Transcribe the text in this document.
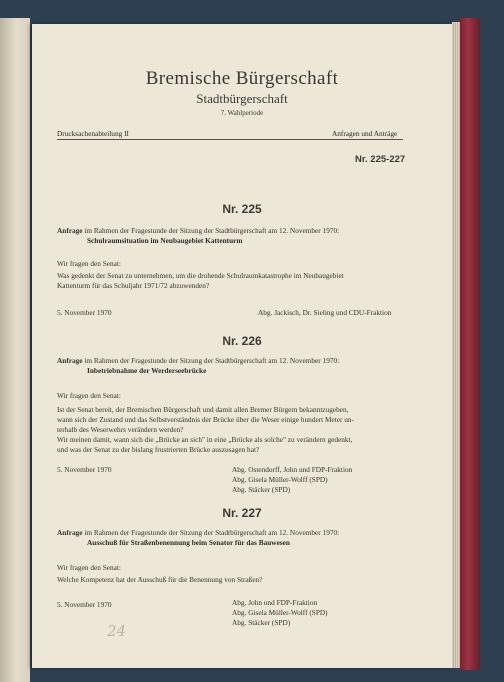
Bremische Bürgerschaft
Stadtbürgerschaft
7. Wahlperiode
Drucksachenabteilung II	Anfragen und Anträge
Nr. 225-227
Nr. 225
Anfrage im Rahmen der Fragestunde der Sitzung der Stadtbürgerschaft am 12. November 1970:
Schulraumsituation im Neubaugebiet Kattenturm
Wir fragen den Senat:
Was gedenkt der Senat zu unternehmen, um die drohende Schulraumkatastrophe im Neubaugebiet
Kattenturm für das Schuljahr 1971/72 abzuwenden?
5. November 1970	Abg. Jackisch, Dr. Sieling und CDU-Fraktion
Nr. 226
Anfrage im Rahmen der Fragestunde der Sitzung der Stadtbürgerschaft am 12. November 1970:
Inbetriebnahme der Werderseebrücke
Wir fragen den Senat:
Ist der Senat bereit, der Bremischen Bürgerschaft und damit allen Bremer Bürgern bekanntzugeben,
wann sich der Zustand und das Selbstverständnis der Brücke über die Weser einige hundert Meter un-
terhalb des Weserwehrs verändern werden?
Wir meinen damit, wann sich die „Brücke an sich" in eine „Brücke als solche" zu verändern gedenkt,
und was der Senat zu der bislang frustrierten Brücke auszusagen hat?
5. November 1970	Abg. Ostendorff, John und FDP-Fraktion
Abg. Gisela Müller-Wolff (SPD)
Abg. Stäcker (SPD)
Nr. 227
Anfrage im Rahmen der Fragestunde der Sitzung der Stadtbürgerschaft am 12. November 1970:
Ausschuß für Straßenbenennung beim Senator für das Bauwesen
Wir fragen den Senat:
Welche Kompetenz hat der Ausschuß für die Benennung von Straßen?
5. November 1970	Abg. John und FDP-Fraktion
Abg. Gisela Müller-Wolff (SPD)
Abg. Stäcker (SPD)
24
